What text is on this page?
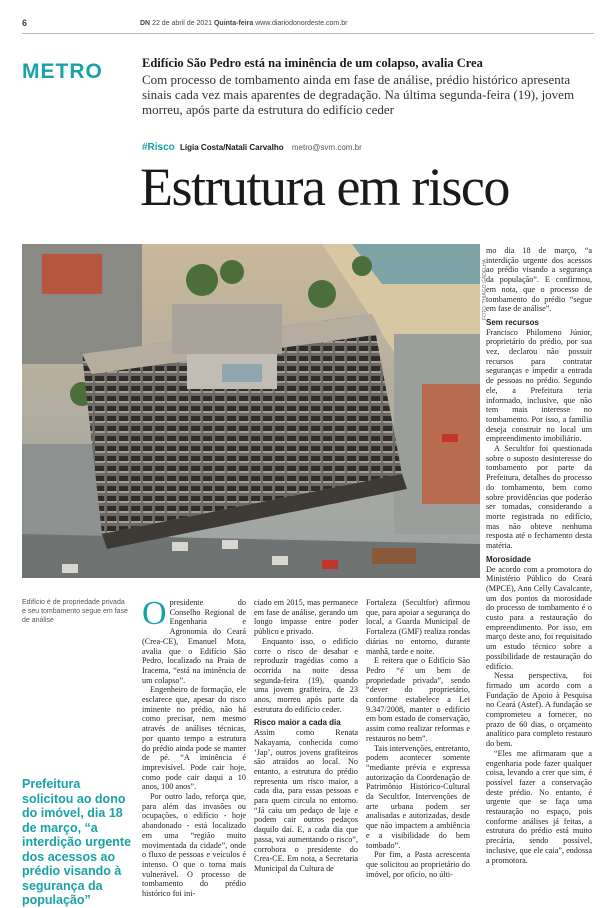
6	DN 22 de abril de 2021 Quinta-feira www.diariodonordeste.com.br
METRO	Edifício São Pedro está na iminência de um colapso, avalia Crea
Com processo de tombamento ainda em fase de análise, prédio histórico apresenta sinais cada vez mais aparentes de degradação. Na última segunda-feira (19), jovem morreu, após parte da estrutura do edifício ceder
#Risco Lígia Costa/Natali Carvalho metro@svm.com.br
Estrutura em risco
FOTO: THIAGO GADELHA
Edifício é de propriedade privada e seu tombamento segue em fase de análise
Prefeitura solicitou ao dono do imóvel, dia 18 de março, “a interdição urgente dos acessos ao prédio visando à segurança da população”

Opresidente do Conselho Regional de Engenharia e Agronomia do Ceará (Crea-CE), Emanuel Mota, avalia que o Edifício São Pedro, localizado na Praia de Iracema, “está na iminência de um colapso”.

Engenheiro de formação, ele esclarece que, apesar do risco iminente no prédio, não há como precisar, nem mesmo através de análises técnicas, por quanto tempo a estrutura do prédio ainda pode se manter de pé. “A iminência é imprevisível. Pode cair hoje, como pode cair daqui a 10 anos, 100 anos”.

Por outro lado, reforça que, para além das invasões ou ocupações, o edifício - hoje abandonado - está localizado em uma “região muito movimentada da cidade”, onde o fluxo de pessoas e veículos é intenso. O que o torna mais vulnerável. O processo de tombamento do prédio histórico foi ini-

ciado em 2015, mas permanece em fase de análise, gerando um longo impasse entre poder público e privado.

Enquanto isso, o edifício corre o risco de desabar e reproduzir tragédias como a ocorrida na noite dessa segunda-feira (19), quando uma jovem grafiteira, de 23 anos, morreu após parte da estrutura do edifício ceder.

Risco maior a cada dia

Assim como Renata Nakayama, conhecida como ‘Jap’, outros jovens grafiteiros são atraídos ao local. No entanto, a estrutura do prédio representa um risco maior, a cada dia, para essas pessoas e para quem circula no entorno. “Já caiu um pedaço de laje e podem cair outros pedaços daquilo daí. E, a cada dia que passa, vai aumentando o risco”, corrobora o presidente do Crea-CE. Em nota, a Secretaria Municipal da Cultura de

Fortaleza (Secultfor) afirmou que, para apoiar a segurança do local, a Guarda Municipal de Fortaleza (GMF) realiza rondas diárias no entorno, durante manhã, tarde e noite.

E reitera que o Edifício São Pedro “é um bem de propriedade privada”, sendo “dever do proprietário, conforme estabelece a Lei 9.347/2008, manter o edifício em bom estado de conservação, assim como realizar reformas e restauros no bem”.

Tais intervenções, entretanto, podem acontecer somente “mediante prévia e expressa autorização da Coordenação de Patrimônio Histórico-Cultural da Secultfor. Intervenções de arte urbana podem ser analisadas e autorizadas, desde que não impactem a ambiência e a visibilidade do bem tombado”.

Por fim, a Pasta acrescenta que solicitou ao proprietário do imóvel, por ofício, no últi-

mo dia 18 de março, “a interdição urgente dos acessos ao prédio visando a segurança da população”. E confirmou, em nota, que o processo de tombamento do prédio “segue em fase de análise”.

Sem recursos

Francisco Philomeno Júnior, proprietário do prédio, por sua vez, declarou não possuir recursos para contratar seguranças e impedir a entrada de pessoas no prédio. Segundo ele, a Prefeitura teria informado, inclusive, que não tem mais interesse no tombamento. Por isso, a família deseja construir no local um empreendimento imobiliário.

A Secultfor foi questionada sobre o suposto desinteresse do tombamento por parte da Prefeitura, detalhes do processo do tombamento, bem como sobre providências que poderão ser tomadas, considerando a morte registrada no edifício, mas não obteve nenhuma resposta até o fechamento desta matéria.

Morosidade

De acordo com a promotora do Ministério Público do Ceará (MPCE), Ann Celly Cavalcante, um dos pontos da morosidade do processo de tombamento é o custo para a restauração do empreendimento. Por isso, em março deste ano, foi requisitado um estudo técnico sobre a possibilidade de restauração do edifício.

Nessa perspectiva, foi firmado um acordo com a Fundação de Apoio à Pesquisa no Ceará (Astef). A fundação se comprometeu a fornecer, no prazo de 60 dias, o orçamento analítico para completo restauro do bem.

“Eles me afirmaram que a engenharia pode fazer qualquer coisa, levando a crer que sim, é possível fazer a conservação deste prédio. No entanto, é urgente que se faça uma restauração no espaço, pois conforme análises já feitas, a estrutura do prédio está muito precária, sendo possível, inclusive, que ele caia”, endossa a promotora.
